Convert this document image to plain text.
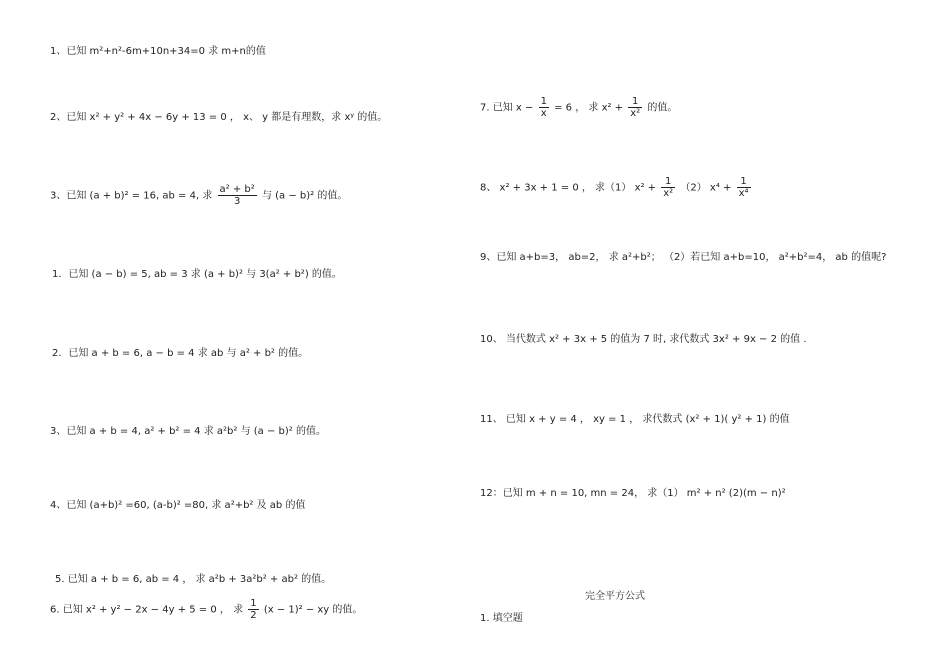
1、已知 m²+n²-6m+10n+34=0 求 m+n的值
2、已知 x² + y² + 4x − 6y + 13 = 0 ， x、 y 都是有理数，求 xʸ 的值。
3、已知 (a + b)² = 16, ab = 4, 求 $\frac{\text{a² + b²}}{3}$ 与 (a − b)² 的值。
1．已知 (a − b) = 5, ab = 3 求 (a + b)² 与 3(a² + b²) 的值。
2．已知 a + b = 6, a − b = 4 求 ab 与 a² + b² 的值。
3、已知 a + b = 4, a² + b² = 4 求 a²b² 与 (a − b)² 的值。
4、已知 (a+b)² =60, (a-b)² =80, 求 a²+b² 及 ab 的值
5. 已知 a + b = 6, ab = 4 ， 求 a²b + 3a²b² + ab² 的值。
6. 已知 x² + y² − 2x − 4y + 5 = 0 ， 求 $\frac{1}{2} (x - 1)^2$ − xy 的值。
7. 已知 $x - \frac{1}{x} = 6$ ， 求 $x^2 + \frac{1}{\text{x²}}$ 的值。
8、 x² + 3x + 1 = 0 ， 求（1） $x^2 + \frac{1}{\text{x²}} (2) x^4 + \frac{1}{\text{x⁴}}$
9、已知 a+b=3， ab=2， 求 a²+b²； （2）若已知 a+b=10， a²+b²=4， ab 的值呢?
10、 当代数式 x² + 3x + 5 的值为 7 时, 求代数式 3x² + 9x − 2 的值 .
11、 已知 x + y = 4 ， xy = 1 ， 求代数式 (x² + 1)( y² + 1) 的值
12：已知 m + n = 10, mn = 24， 求（1） m² + n² (2)(m − n)²
完全平方公式
1. 填空题
